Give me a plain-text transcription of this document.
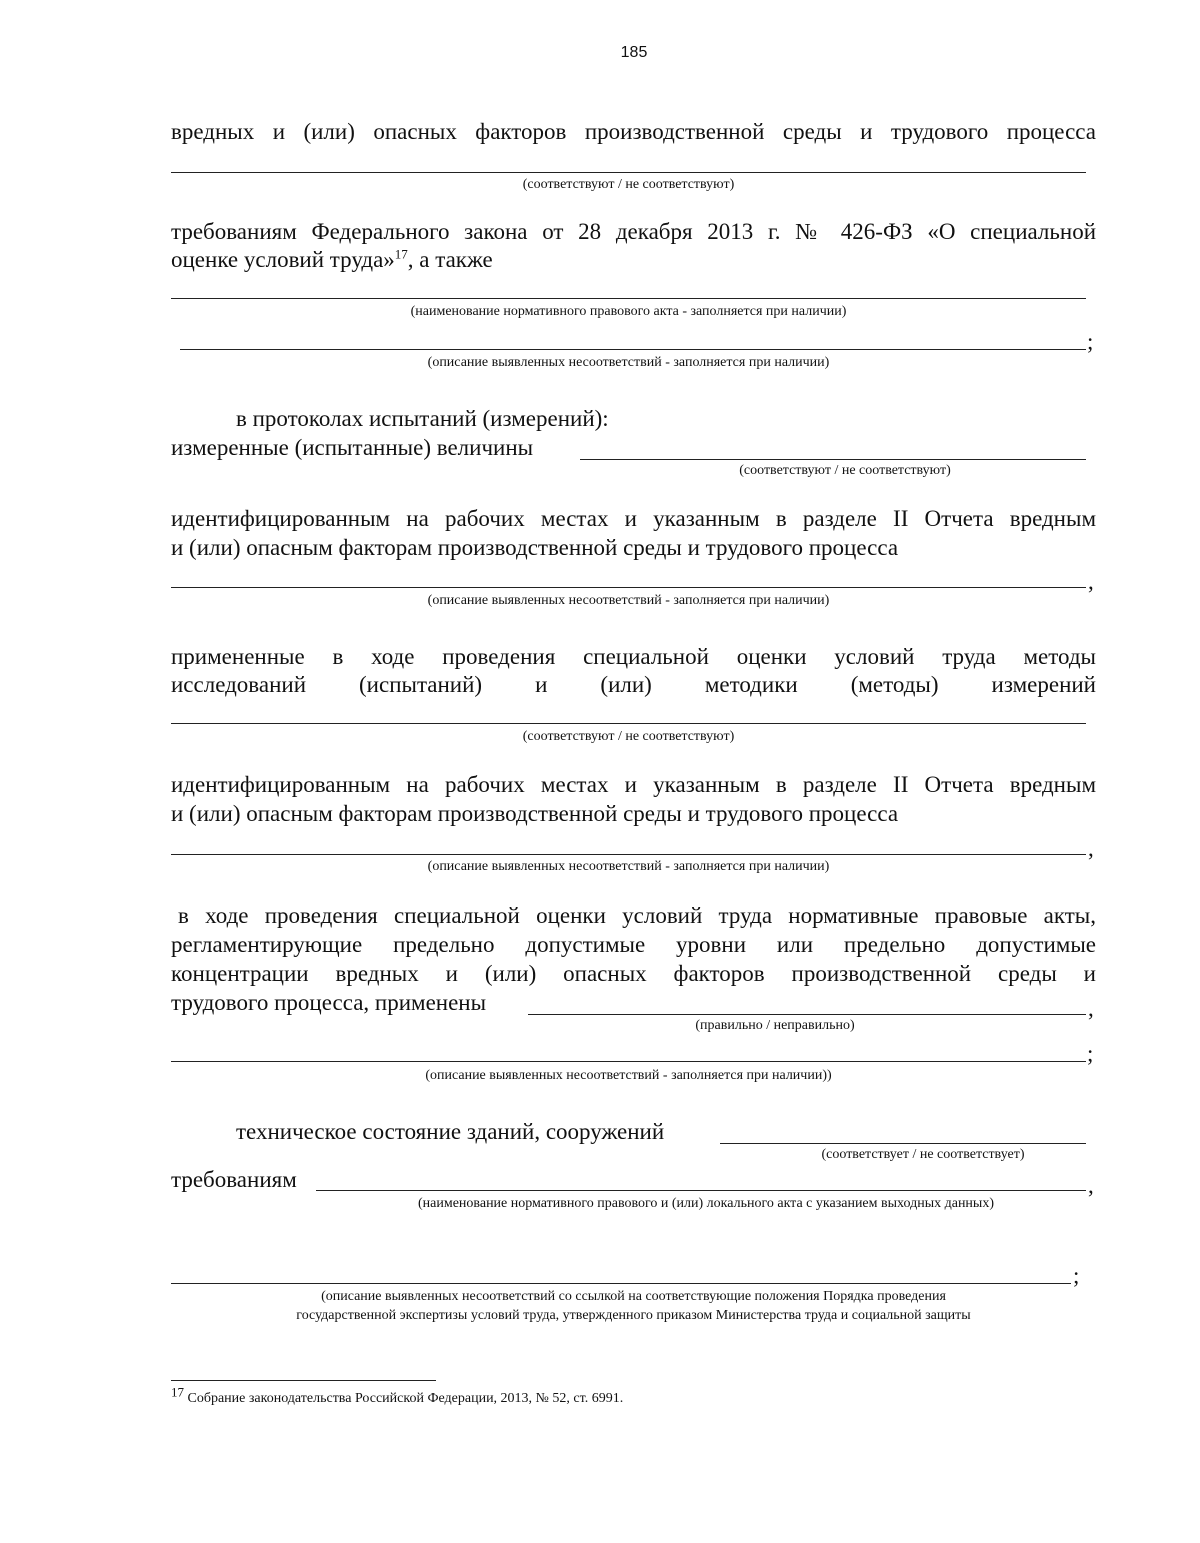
185
вредных и (или) опасных факторов производственной среды и трудового процесса
(соответствуют / не соответствуют)
требованиям Федерального закона от 28 декабря 2013 г. № 426-ФЗ «О специальной
оценке условий труда»$^{17}$, а также
(наименование нормативного правового акта - заполняется при наличии)
;
(описание выявленных несоответствий - заполняется при наличии)
в протоколах испытаний (измерений):
измеренные (испытанные) величины
(соответствуют / не соответствуют)
идентифицированным на рабочих местах и указанным в разделе II Отчета вредным
и (или) опасным факторам производственной среды и трудового процесса
,
(описание выявленных несоответствий - заполняется при наличии)
примененные в ходе проведения специальной оценки условий труда методы
исследований (испытаний) и (или) методики (методы) измерений
(соответствуют / не соответствуют)
идентифицированным на рабочих местах и указанным в разделе II Отчета вредным
и (или) опасным факторам производственной среды и трудового процесса
,
(описание выявленных несоответствий - заполняется при наличии)
в ходе проведения специальной оценки условий труда нормативные правовые акты,
регламентирующие предельно допустимые уровни или предельно допустимые
концентрации вредных и (или) опасных факторов производственной среды и
трудового процесса, применены	,
(правильно / неправильно)
;
(описание выявленных несоответствий - заполняется при наличии))
техническое состояние зданий, сооружений
(соответствует / не соответствует)
требованиям	,
(наименование нормативного правового и (или) локального акта с указанием выходных данных)
;
(описание выявленных несоответствий со ссылкой на соответствующие положения Порядка проведения
государственной экспертизы условий труда, утвержденного приказом Министерства труда и социальной защиты
$^{17}$ Собрание законодательства Российской Федерации, 2013, № 52, ст. 6991.
